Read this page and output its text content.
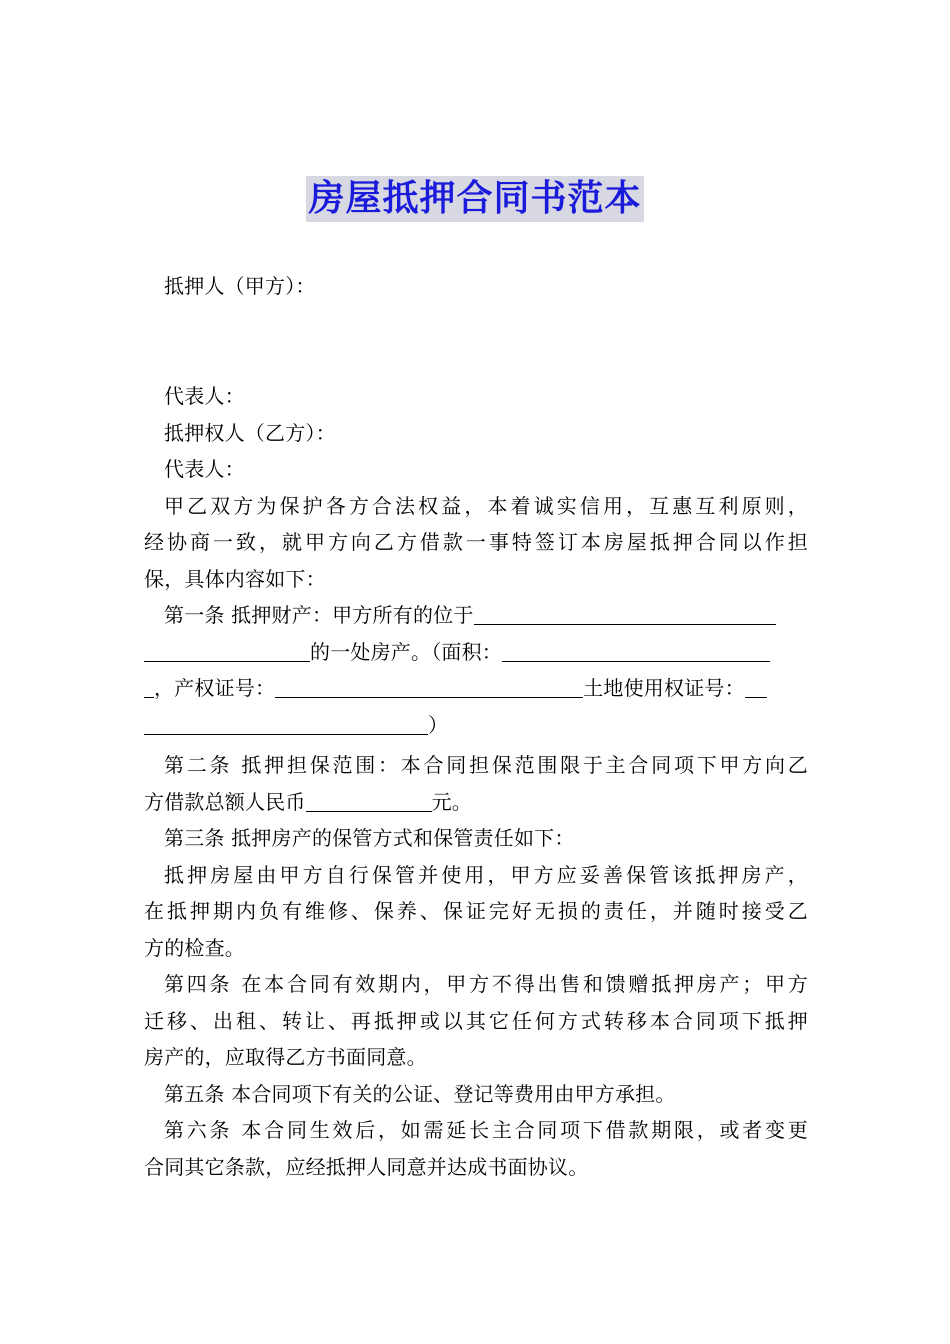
房屋抵押合同书范本
抵押人（甲方）：
代表人：
抵押权人（乙方）：
代表人：
甲乙双方为保护各方合法权益，本着诚实信用，互惠互利原则，
经协商一致，就甲方向乙方借款一事特签订本房屋抵押合同以作担
保，具体内容如下：
第一条 抵押财产：甲方所有的位于
的一处房产。（面积：
，产权证号：	土地使用权证号：
）
第二条 抵押担保范围：本合同担保范围限于主合同项下甲方向乙
方借款总额人民币	元。
第三条 抵押房产的保管方式和保管责任如下：
抵押房屋由甲方自行保管并使用，甲方应妥善保管该抵押房产，
在抵押期内负有维修、保养、保证完好无损的责任，并随时接受乙
方的检查。
第四条 在本合同有效期内，甲方不得出售和馈赠抵押房产；甲方
迁移、出租、转让、再抵押或以其它任何方式转移本合同项下抵押
房产的，应取得乙方书面同意。
第五条 本合同项下有关的公证、登记等费用由甲方承担。
第六条 本合同生效后，如需延长主合同项下借款期限，或者变更
合同其它条款，应经抵押人同意并达成书面协议。
